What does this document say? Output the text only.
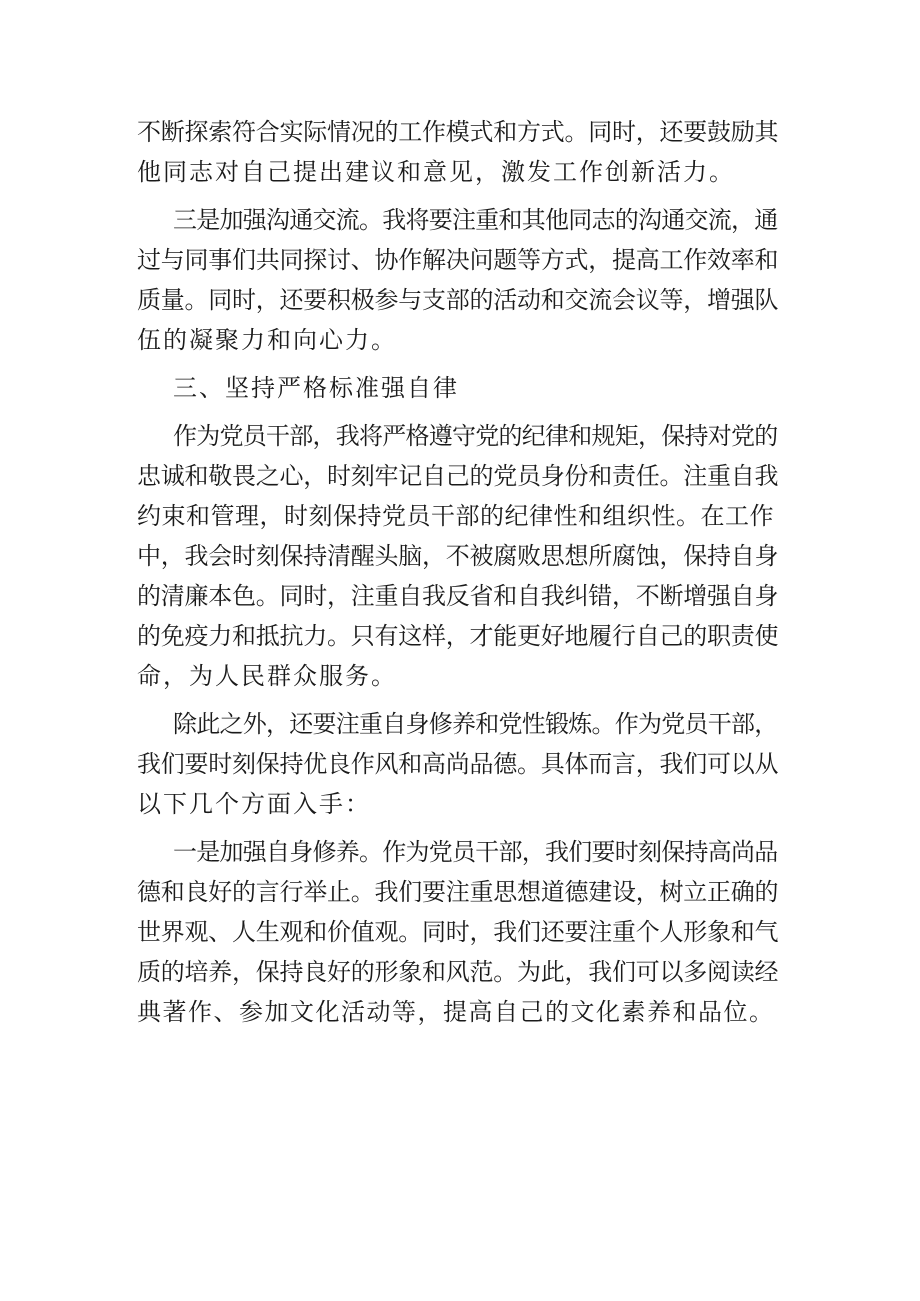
不断探索符合实际情况的工作模式和方式。同时，还要鼓励其
他同志对自己提出建议和意见，激发工作创新活力。
三是加强沟通交流。我将要注重和其他同志的沟通交流，通
过与同事们共同探讨、协作解决问题等方式，提高工作效率和
质量。同时，还要积极参与支部的活动和交流会议等，增强队
伍的凝聚力和向心力。
三、坚持严格标准强自律
作为党员干部，我将严格遵守党的纪律和规矩，保持对党的
忠诚和敬畏之心，时刻牢记自己的党员身份和责任。注重自我
约束和管理，时刻保持党员干部的纪律性和组织性。在工作
中，我会时刻保持清醒头脑，不被腐败思想所腐蚀，保持自身
的清廉本色。同时，注重自我反省和自我纠错，不断增强自身
的免疫力和抵抗力。只有这样，才能更好地履行自己的职责使
命，为人民群众服务。
除此之外，还要注重自身修养和党性锻炼。作为党员干部，
我们要时刻保持优良作风和高尚品德。具体而言，我们可以从
以下几个方面入手：
一是加强自身修养。作为党员干部，我们要时刻保持高尚品
德和良好的言行举止。我们要注重思想道德建设，树立正确的
世界观、人生观和价值观。同时，我们还要注重个人形象和气
质的培养，保持良好的形象和风范。为此，我们可以多阅读经
典著作、参加文化活动等，提高自己的文化素养和品位。
